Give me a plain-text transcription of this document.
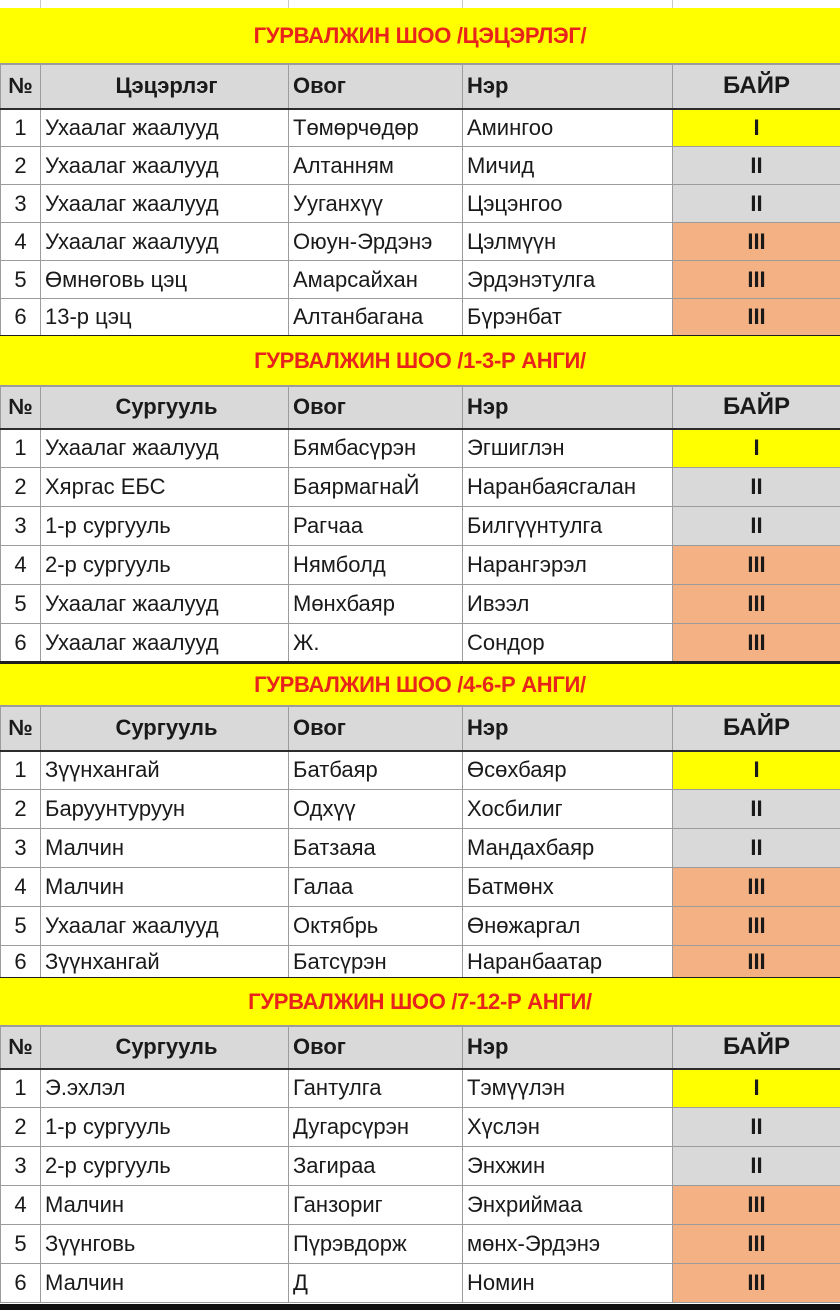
ГУРВАЛЖИН ШОО /ЦЭЦЭРЛЭГ/
№	Цэцэрлэг	Овог	Нэр	БАЙР
1	Ухаалаг жаалууд	Төмөрчөдөр	Амингоо	I
2	Ухаалаг жаалууд	Алтанням	Мичид	II
3	Ухаалаг жаалууд	Ууганхүү	Цэцэнгоо	II
4	Ухаалаг жаалууд	Оюун-Эрдэнэ	Цэлмүүн	III
5	Өмнөговь цэц	Амарсайхан	Эрдэнэтулга	III
6	13-р цэц	Алтанбагана	Бүрэнбат	III
ГУРВАЛЖИН ШОО /1-3-Р АНГИ/
№	Сургууль	Овог	Нэр	БАЙР
1	Ухаалаг жаалууд	Бямбасүрэн	Эгшиглэн	I
2	Хяргас ЕБС	БаярмагнаЙ	Наранбаясгалан	II
3	1-р сургууль	Рагчаа	Билгүүнтулга	II
4	2-р сургууль	Нямболд	Нарангэрэл	III
5	Ухаалаг жаалууд	Мөнхбаяр	Ивээл	III
6	Ухаалаг жаалууд	Ж.	Сондор	III
ГУРВАЛЖИН ШОО /4-6-Р АНГИ/
№	Сургууль	Овог	Нэр	БАЙР
1	Зүүнхангай	Батбаяр	Өсөхбаяр	I
2	Баруунтуруун	Одхүү	Хосбилиг	II
3	Малчин	Батзаяа	Мандахбаяр	II
4	Малчин	Галаа	Батмөнх	III
5	Ухаалаг жаалууд	Октябрь	Өнөжаргал	III
6	Зүүнхангай	Батсүрэн	Наранбаатар	III
ГУРВАЛЖИН ШОО /7-12-Р АНГИ/
№	Сургууль	Овог	Нэр	БАЙР
1	Э.эхлэл	Гантулга	Тэмүүлэн	I
2	1-р сургууль	Дугарсүрэн	Хүслэн	II
3	2-р сургууль	Загираа	Энхжин	II
4	Малчин	Ганзориг	Энхриймаа	III
5	Зүүнговь	Пүрэвдорж	мөнх-Эрдэнэ	III
6	Малчин	Д	Номин	III
